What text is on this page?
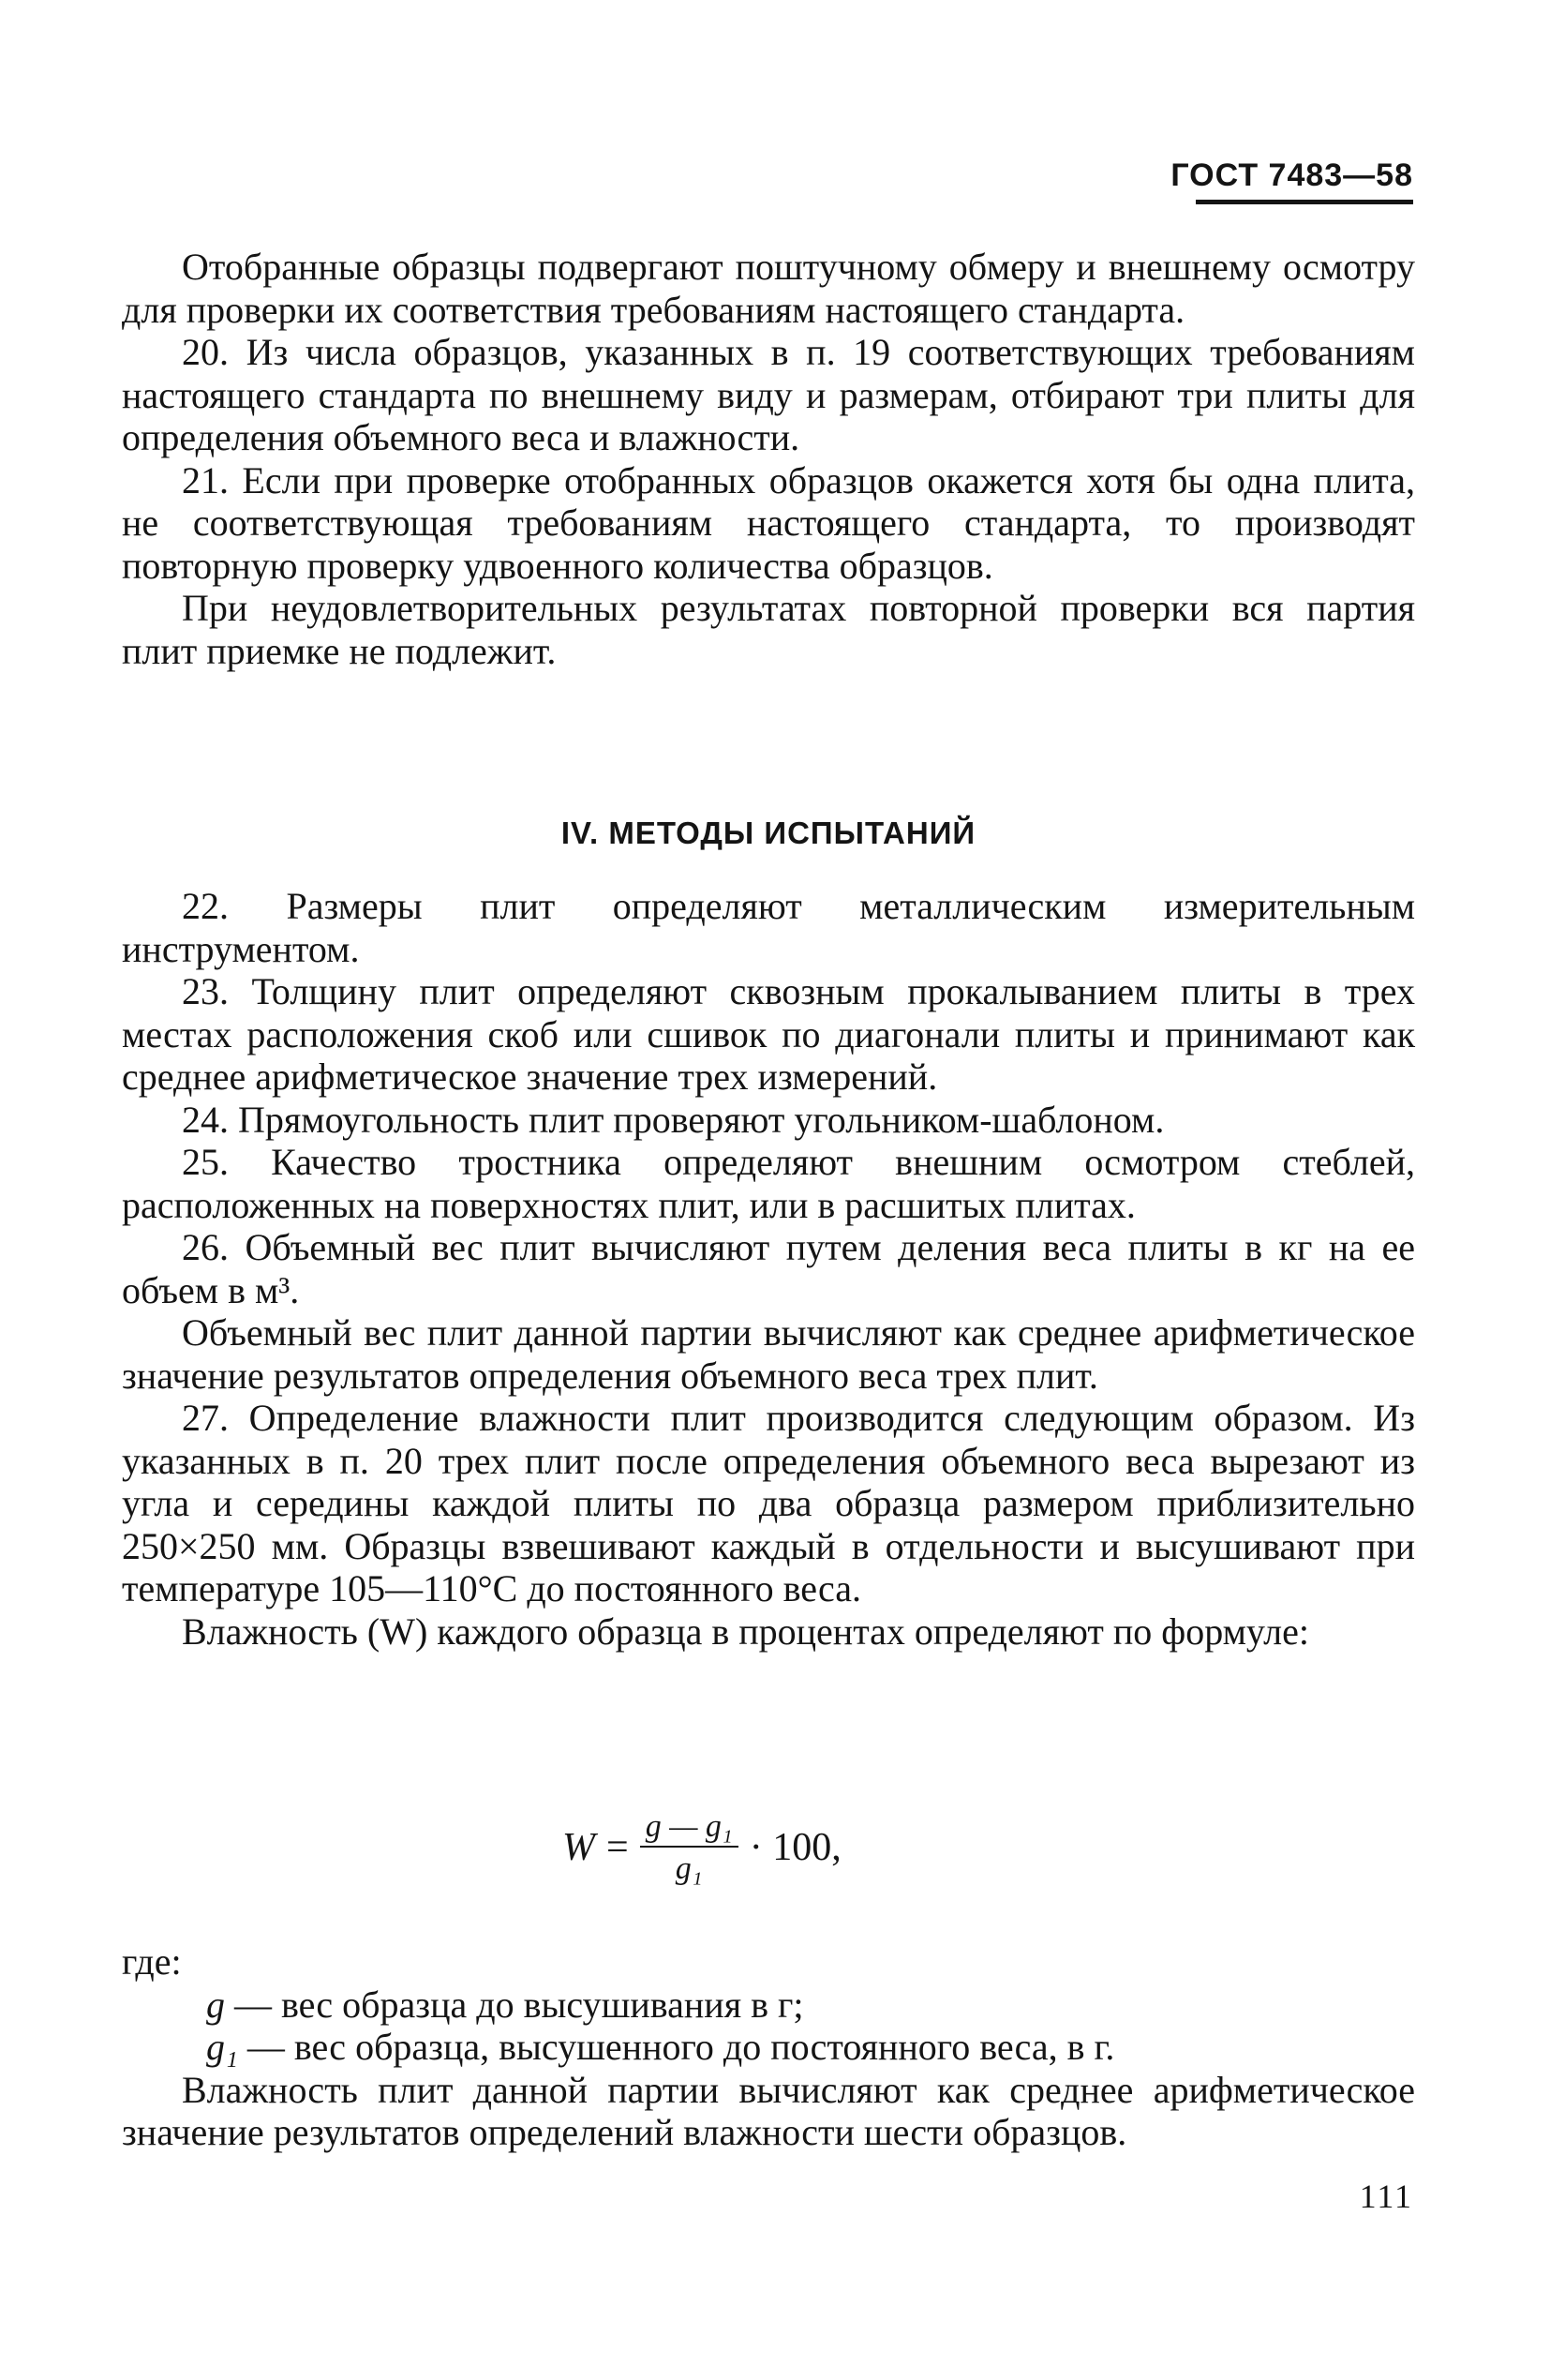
ГОСТ 7483—58

Отобранные образцы подвергают поштучному обмеру и внешнему осмотру для проверки их соответствия требованиям настоящего стандарта.

20. Из числа образцов, указанных в п. 19 соответствующих требованиям настоящего стандарта по внешнему виду и размерам, отбирают три плиты для определения объемного веса и влажности.

21. Если при проверке отобранных образцов окажется хотя бы одна плита, не соответствующая требованиям настоящего стандарта, то производят повторную проверку удвоенного количества образцов.

При неудовлетворительных результатах повторной проверки вся партия плит приемке не подлежит.

IV. МЕТОДЫ ИСПЫТАНИЙ

22. Размеры плит определяют металлическим измерительным инструментом.

23. Толщину плит определяют сквозным прокалыванием плиты в трех местах расположения скоб или сшивок по диагонали плиты и принимают как среднее арифметическое значение трех измерений.

24. Прямоугольность плит проверяют угольником-шаблоном.

25. Качество тростника определяют внешним осмотром стеблей, расположенных на поверхностях плит, или в расшитых плитах.

26. Объемный вес плит вычисляют путем деления веса плиты в кг на ее объем в м³.

Объемный вес плит данной партии вычисляют как среднее арифметическое значение результатов определения объемного веса трех плит.

27. Определение влажности плит производится следующим образом. Из указанных в п. 20 трех плит после определения объемного веса вырезают из угла и середины каждой плиты по два образца размером приблизительно 250×250 мм. Образцы взвешивают каждый в отдельности и высушивают при температуре 105—110°С до постоянного веса.

Влажность (W) каждого образца в процентах определяют по формуле:

$W = \frac{\text{g — g₁}}{\text{g₁}} \cdot 100$,

где:

g — вес образца до высушивания в г;

g₁ — вес образца, высушенного до постоянного веса, в г.

Влажность плит данной партии вычисляют как среднее арифметическое значение результатов определений влажности шести образцов.

111
